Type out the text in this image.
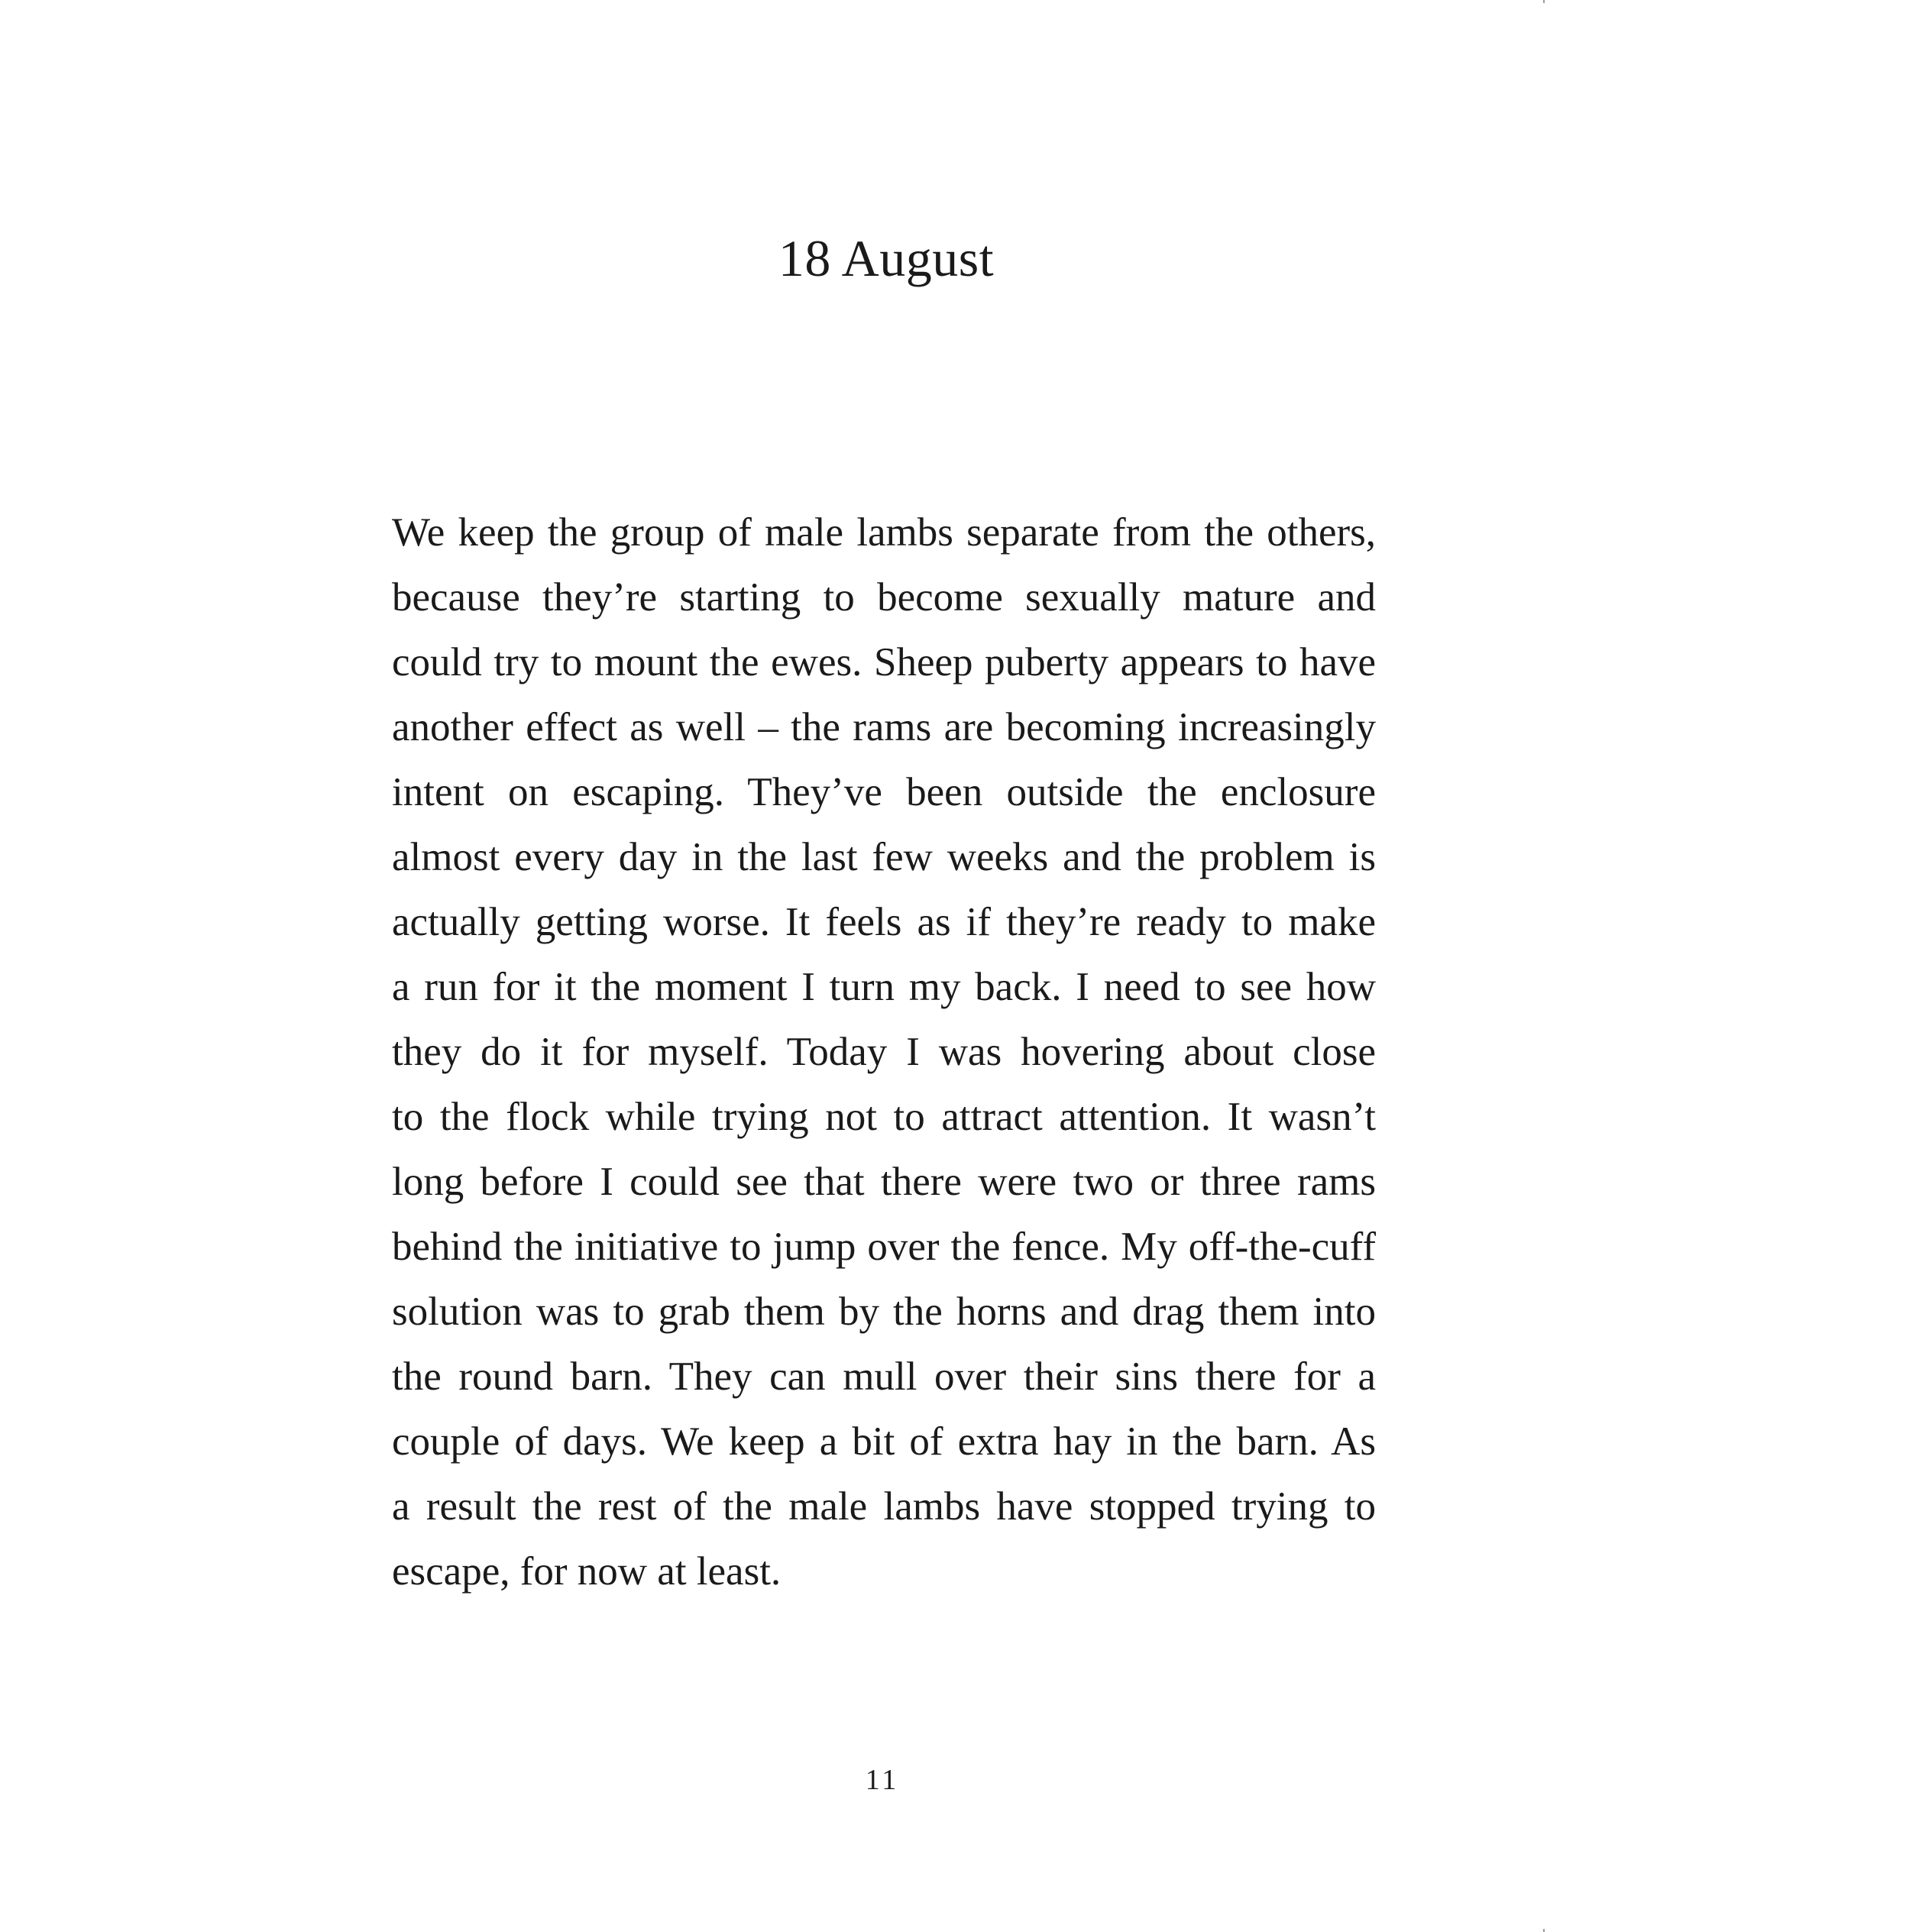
18 August
We keep the group of male lambs separate from the others,
because they’re starting to become sexually mature and
could try to mount the ewes. Sheep puberty appears to have
another effect as well – the rams are becoming increasingly
intent on escaping. They’ve been outside the enclosure
almost every day in the last few weeks and the problem is
actually getting worse. It feels as if they’re ready to make
a run for it the moment I turn my back. I need to see how
they do it for myself. Today I was hovering about close
to the flock while trying not to attract attention. It wasn’t
long before I could see that there were two or three rams
behind the initiative to jump over the fence. My off-the-cuff
solution was to grab them by the horns and drag them into
the round barn. They can mull over their sins there for a
couple of days. We keep a bit of extra hay in the barn. As
a result the rest of the male lambs have stopped trying to
escape, for now at least.
11
